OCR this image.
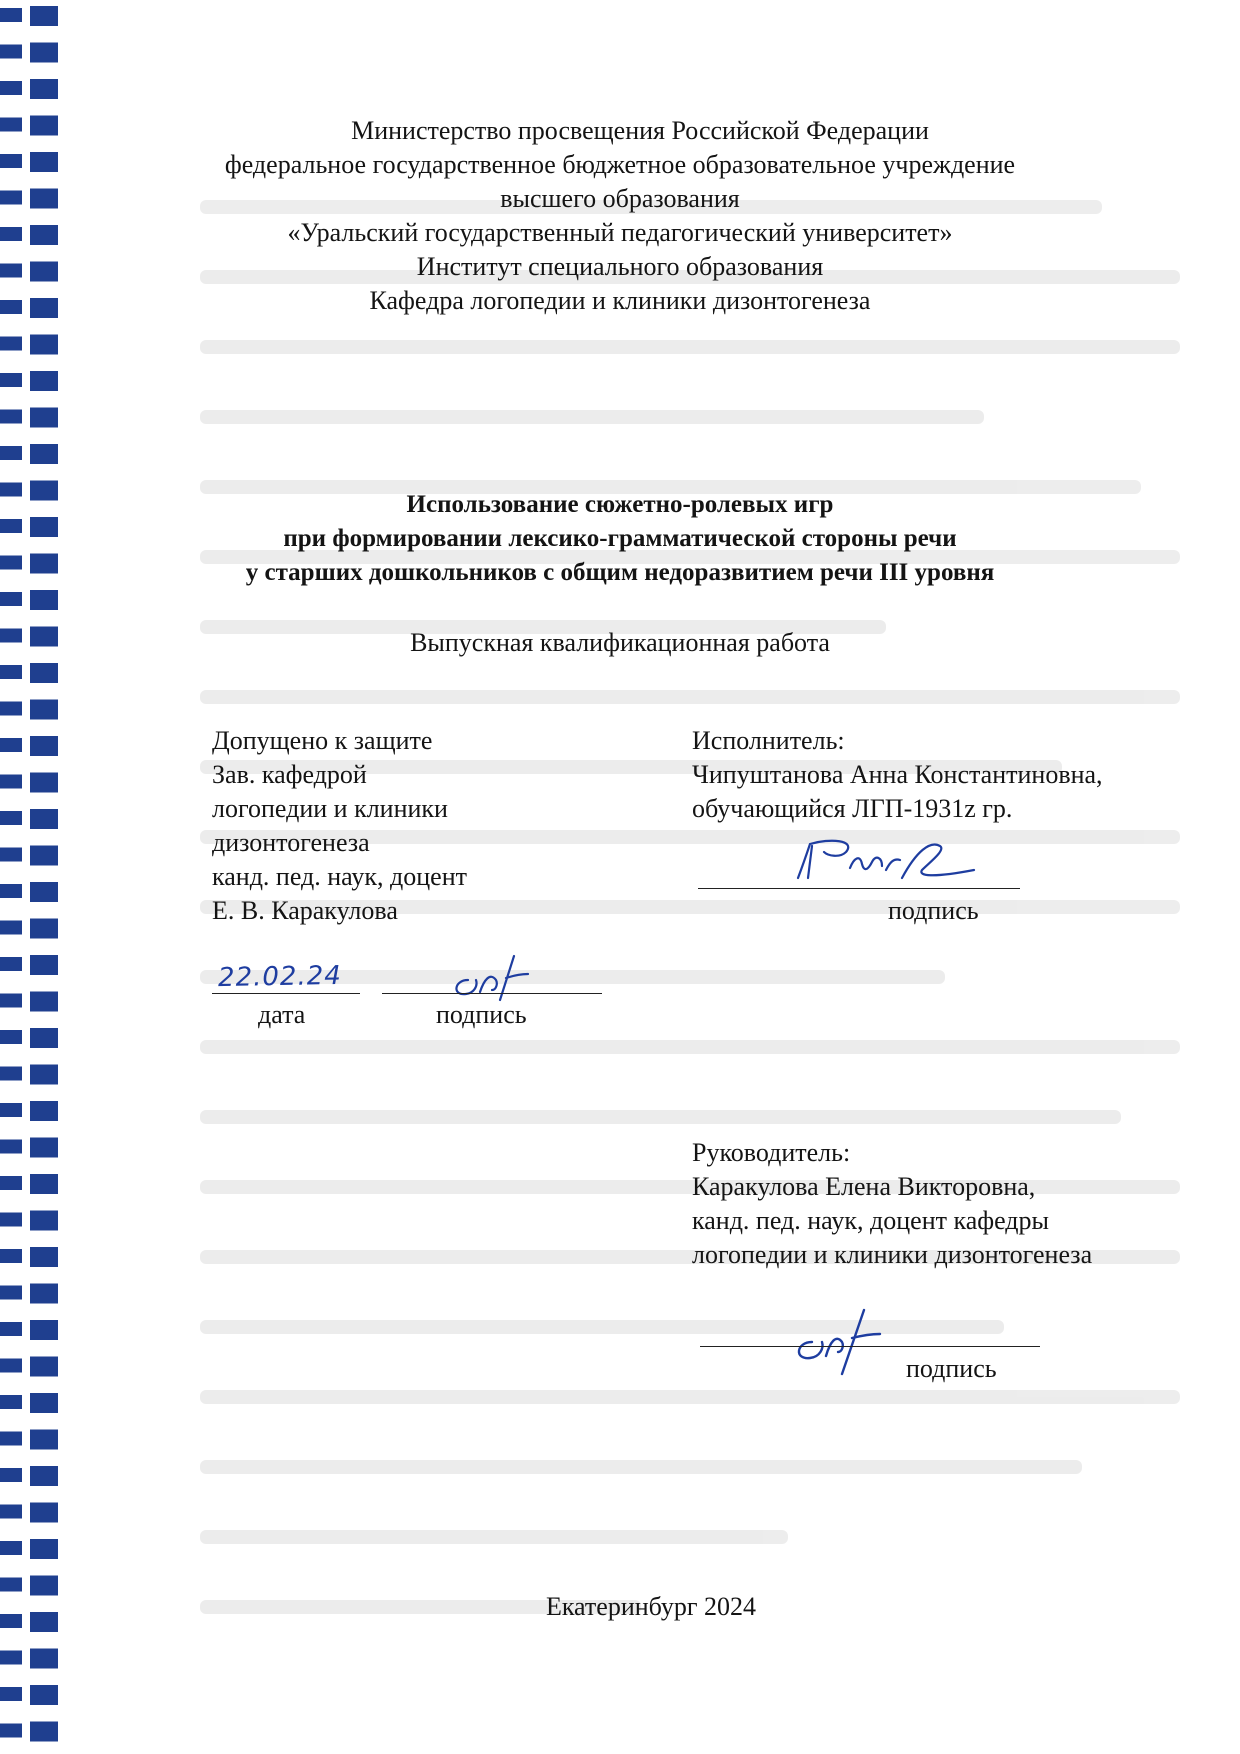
Министерство просвещения Российской Федерации
федеральное государственное бюджетное образовательное учреждение
высшего образования
«Уральский государственный педагогический университет»
Институт специального образования
Кафедра логопедии и клиники дизонтогенеза
Использование сюжетно-ролевых игр
при формировании лексико-грамматической стороны речи
у старших дошкольников с общим недоразвитием речи III уровня
Выпускная квалификационная работа
Допущено к защите
Зав. кафедрой
логопедии и клиники
дизонтогенеза
канд. пед. наук, доцент
Е. В. Каракулова
22.02.24
дата	подпись
Исполнитель:
Чипуштанова Анна Константиновна,
обучающийся ЛГП-1931z гр.
подпись
Руководитель:
Каракулова Елена Викторовна,
канд. пед. наук, доцент кафедры
логопедии и клиники дизонтогенеза
подпись
Екатеринбург 2024
